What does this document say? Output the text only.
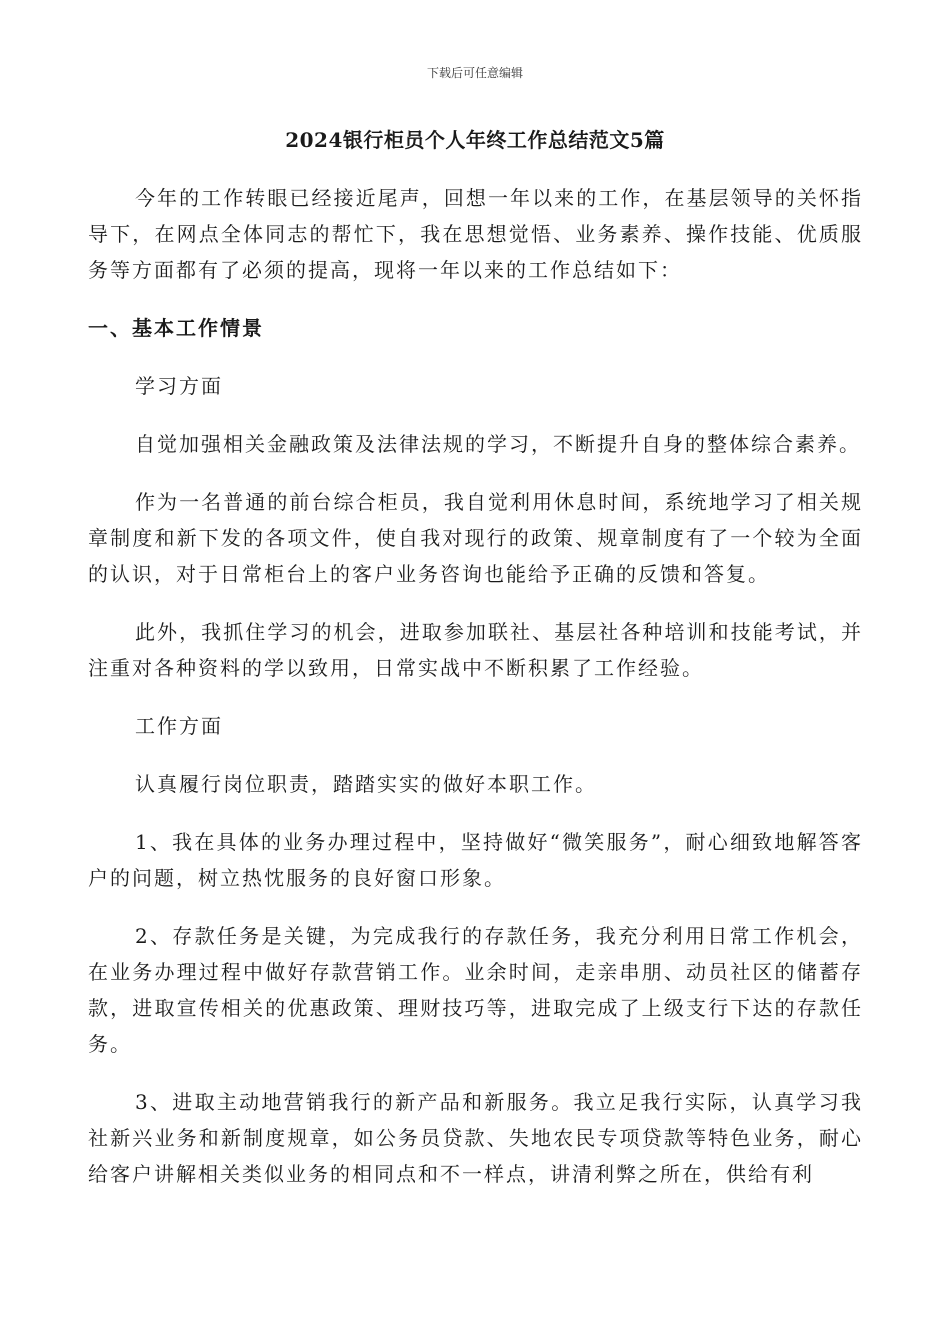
下载后可任意编辑
2024银行柜员个人年终工作总结范文5篇

今年的工作转眼已经接近尾声，回想一年以来的工作，在基层领导的关怀指导下，在网点全体同志的帮忙下，我在思想觉悟、业务素养、操作技能、优质服务等方面都有了必须的提高，现将一年以来的工作总结如下：

一、基本工作情景

学习方面

自觉加强相关金融政策及法律法规的学习，不断提升自身的整体综合素养。

作为一名普通的前台综合柜员，我自觉利用休息时间，系统地学习了相关规章制度和新下发的各项文件，使自我对现行的政策、规章制度有了一个较为全面的认识，对于日常柜台上的客户业务咨询也能给予正确的反馈和答复。

此外，我抓住学习的机会，进取参加联社、基层社各种培训和技能考试，并注重对各种资料的学以致用，日常实战中不断积累了工作经验。

工作方面

认真履行岗位职责，踏踏实实的做好本职工作。

1、我在具体的业务办理过程中，坚持做好“微笑服务”，耐心细致地解答客户的问题，树立热忱服务的良好窗口形象。

2、存款任务是关键，为完成我行的存款任务，我充分利用日常工作机会，在业务办理过程中做好存款营销工作。业余时间，走亲串朋、动员社区的储蓄存款，进取宣传相关的优惠政策、理财技巧等，进取完成了上级支行下达的存款任务。

3、进取主动地营销我行的新产品和新服务。我立足我行实际，认真学习我社新兴业务和新制度规章，如公务员贷款、失地农民专项贷款等特色业务，耐心给客户讲解相关类似业务的相同点和不一样点，讲清利弊之所在，供给有利
